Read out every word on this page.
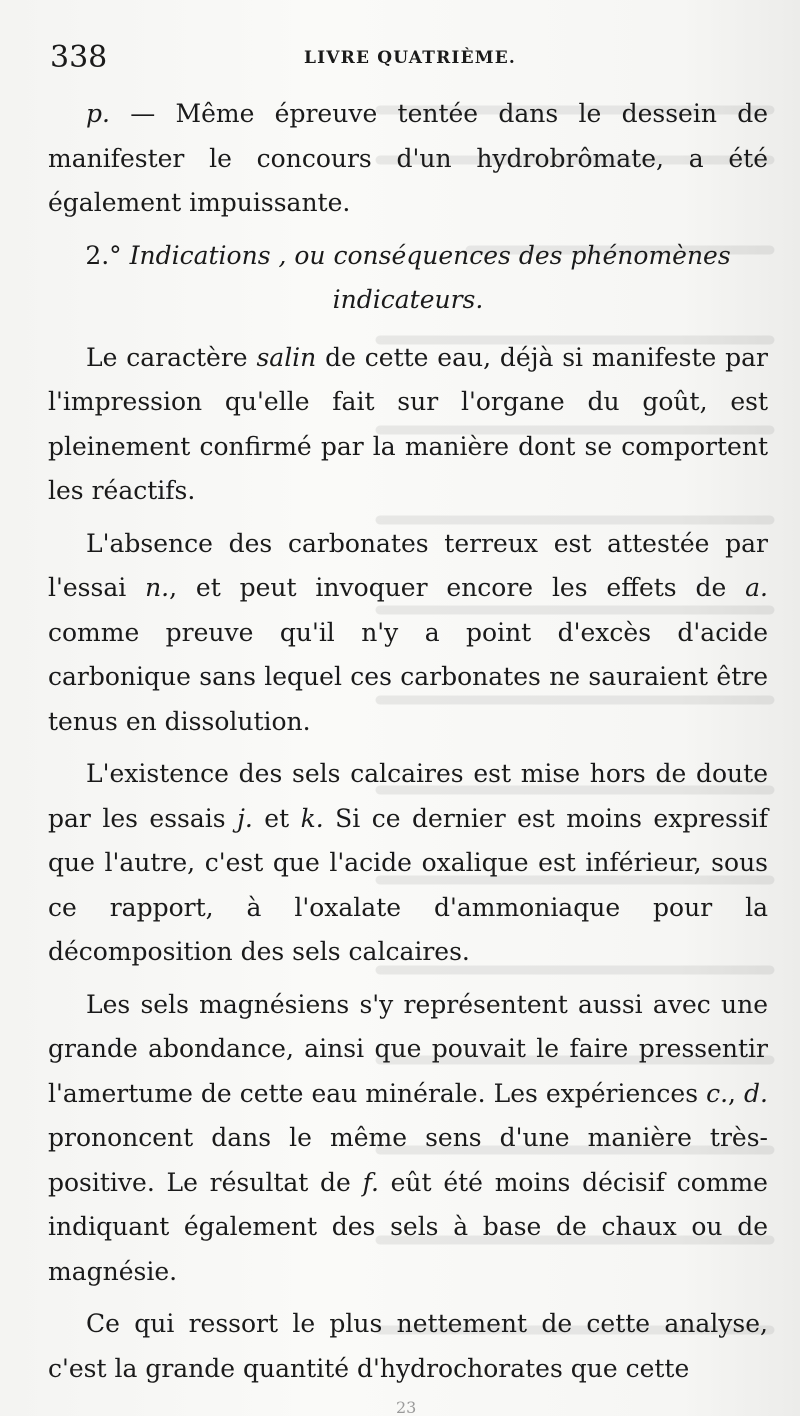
338	LIVRE QUATRIÈME.

p. — Même épreuve tentée dans le dessein de manifester le concours d'un hydrobrômate, a été également impuissante.

2.° Indications , ou conséquences des phénomènes
indicateurs.

Le caractère salin de cette eau, déjà si manifeste par l'impression qu'elle fait sur l'organe du goût, est pleinement confirmé par la manière dont se comportent les réactifs.

L'absence des carbonates terreux est attestée par l'essai n., et peut invoquer encore les effets de a. comme preuve qu'il n'y a point d'excès d'acide carbonique sans lequel ces carbonates ne sauraient être tenus en dissolution.

L'existence des sels calcaires est mise hors de doute par les essais j. et k. Si ce dernier est moins expressif que l'autre, c'est que l'acide oxalique est inférieur, sous ce rapport, à l'oxalate d'ammoniaque pour la décomposition des sels calcaires.

Les sels magnésiens s'y représentent aussi avec une grande abondance, ainsi que pouvait le faire pressentir l'amertume de cette eau minérale. Les expériences c., d. prononcent dans le même sens d'une manière très-positive. Le résultat de f. eût été moins décisif comme indiquant également des sels à base de chaux ou de magnésie.

Ce qui ressort le plus nettement de cette analyse, c'est la grande quantité d'hydrochorates que cette

23
